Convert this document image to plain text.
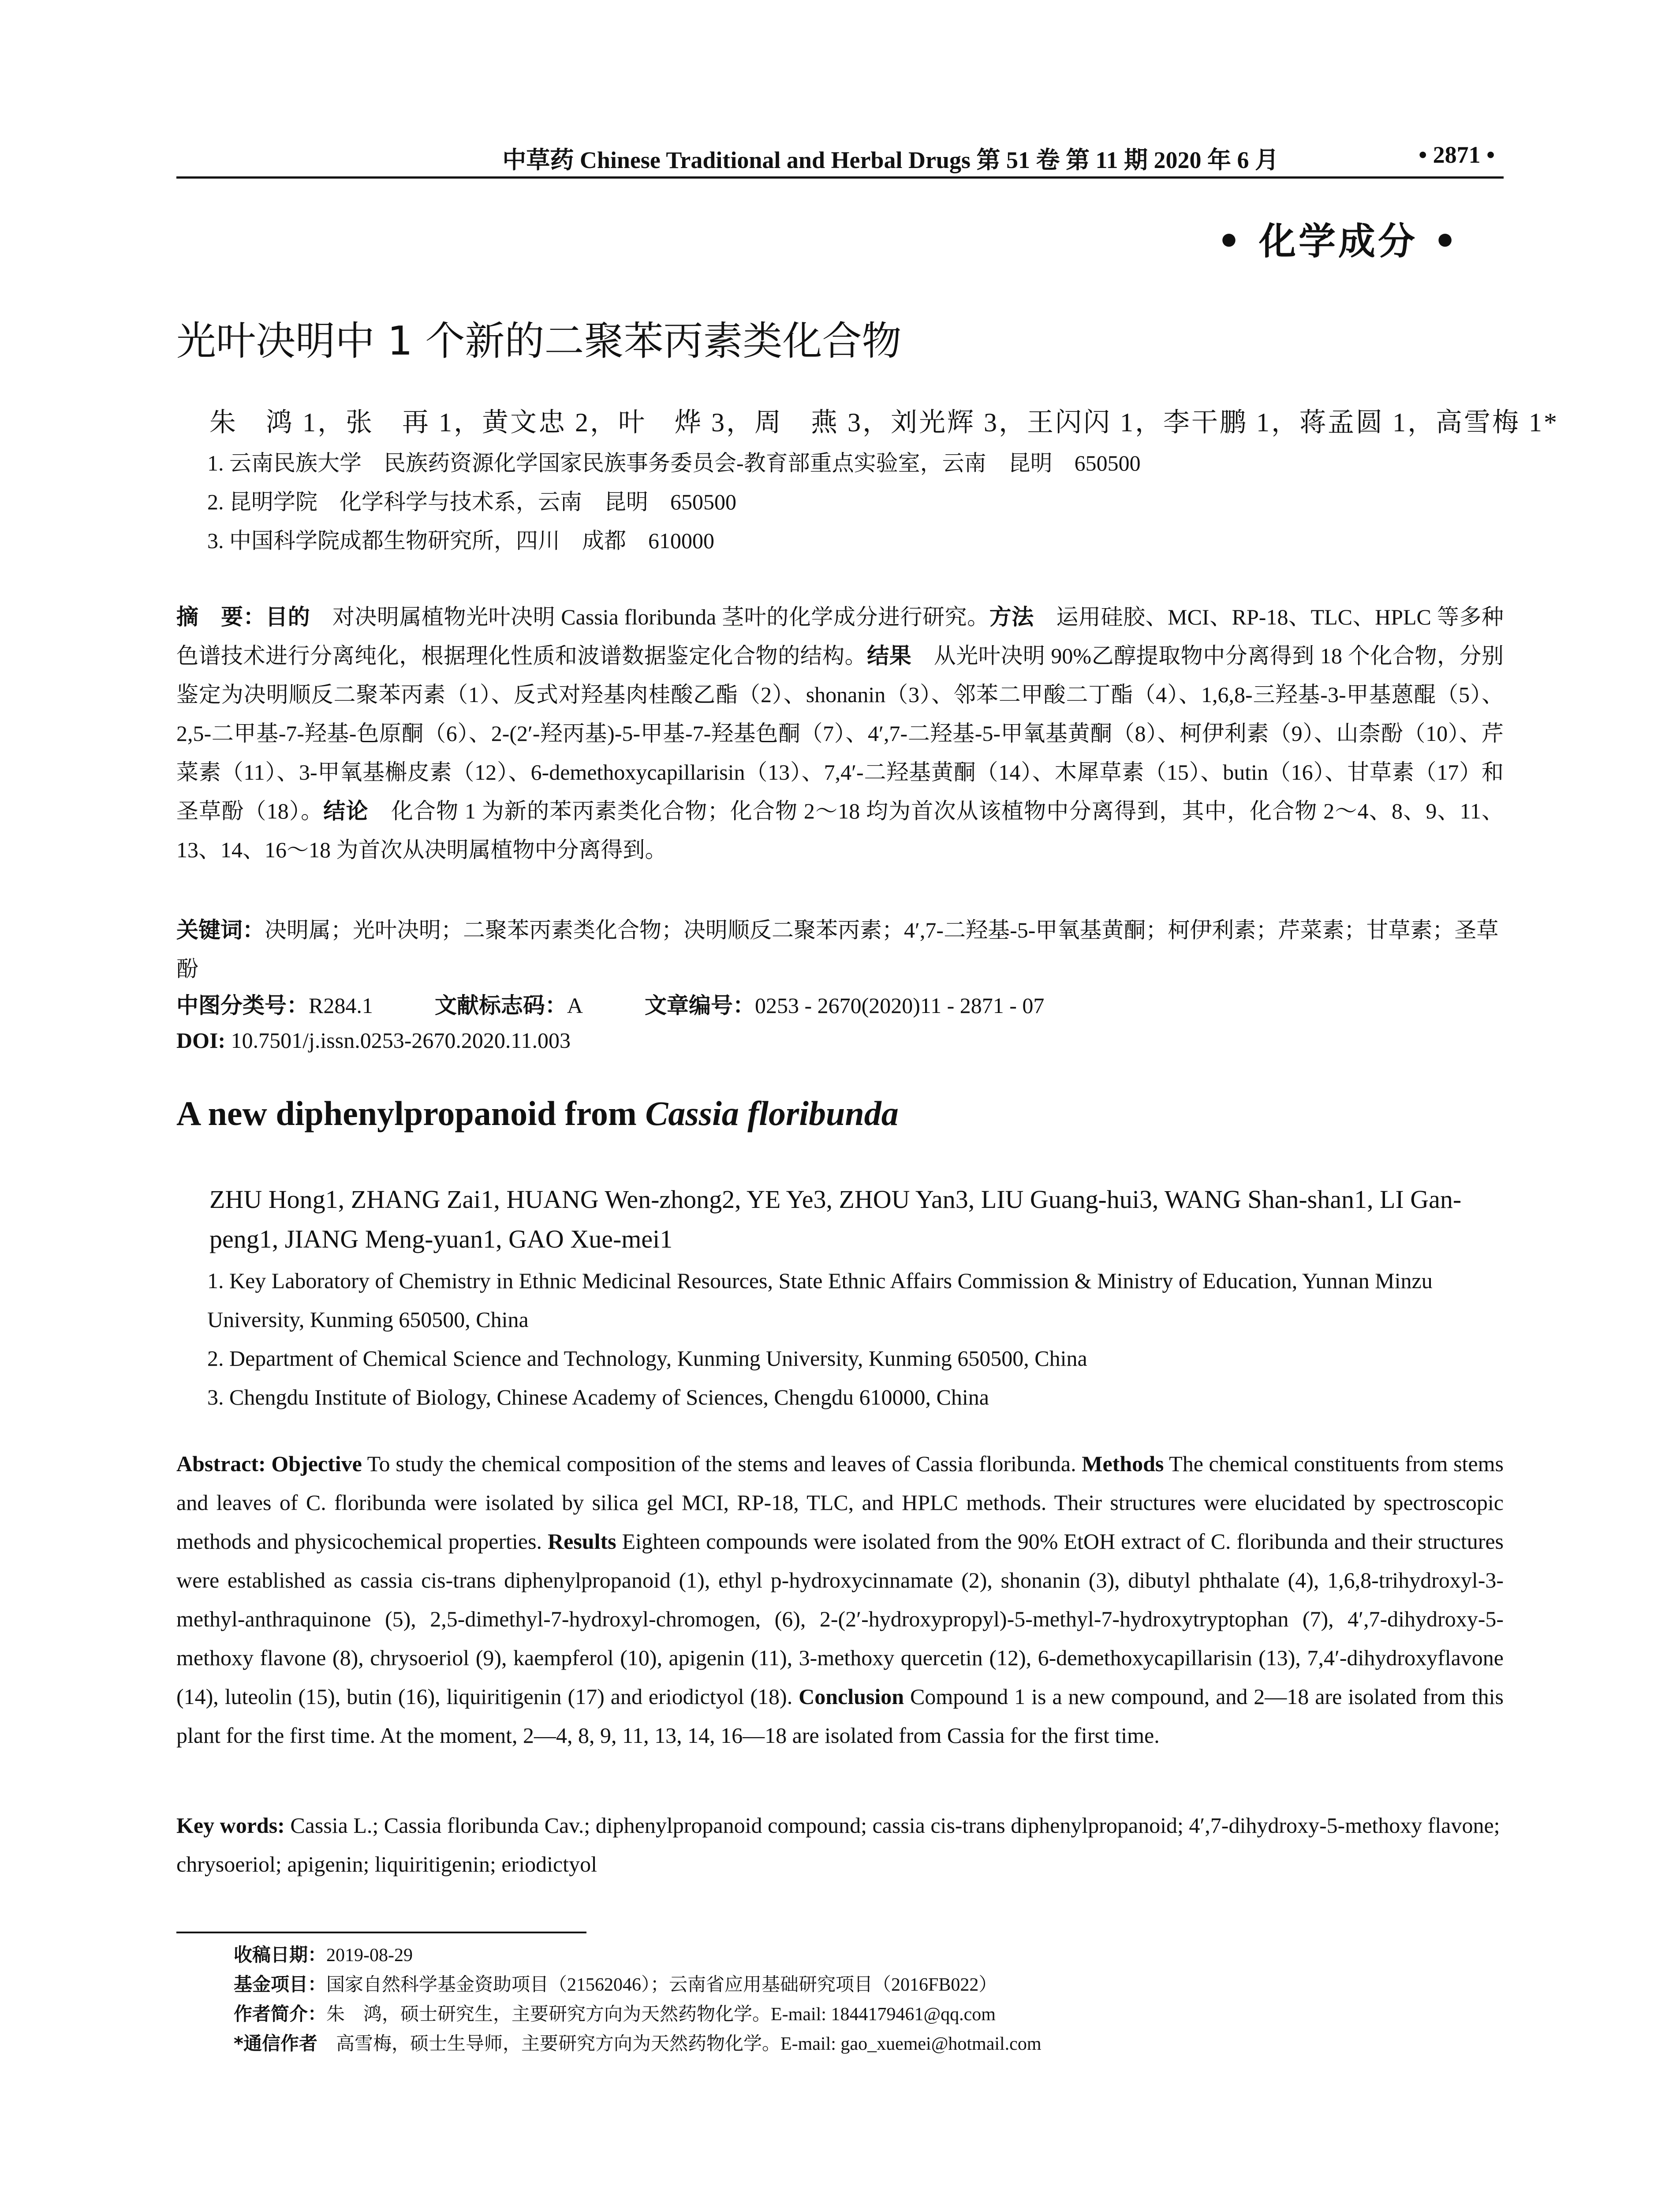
中草药 Chinese Traditional and Herbal Drugs 第 51 卷 第 11 期 2020 年 6 月	• 2871 •
• 化学成分 •
光叶决明中 1 个新的二聚苯丙素类化合物
朱　鸿 1，张　再 1，黄文忠 2，叶　烨 3，周　燕 3，刘光辉 3，王闪闪 1，李干鹏 1，蒋孟圆 1，高雪梅 1*
1. 云南民族大学　民族药资源化学国家民族事务委员会-教育部重点实验室，云南　昆明　650500
2. 昆明学院　化学科学与技术系，云南　昆明　650500
3. 中国科学院成都生物研究所，四川　成都　610000
摘　要：目的　对决明属植物光叶决明 Cassia floribunda 茎叶的化学成分进行研究。方法　运用硅胶、MCI、RP-18、TLC、HPLC 等多种色谱技术进行分离纯化，根据理化性质和波谱数据鉴定化合物的结构。结果　从光叶决明 90%乙醇提取物中分离得到 18 个化合物，分别鉴定为决明顺反二聚苯丙素（1）、反式对羟基肉桂酸乙酯（2）、shonanin（3）、邻苯二甲酸二丁酯（4）、1,6,8-三羟基-3-甲基蒽醌（5）、2,5-二甲基-7-羟基-色原酮（6）、2-(2′-羟丙基)-5-甲基-7-羟基色酮（7）、4′,7-二羟基-5-甲氧基黄酮（8）、柯伊利素（9）、山柰酚（10）、芹菜素（11）、3-甲氧基槲皮素（12）、6-demethoxycapillarisin（13）、7,4′-二羟基黄酮（14）、木犀草素（15）、butin（16）、甘草素（17）和圣草酚（18）。结论　化合物 1 为新的苯丙素类化合物；化合物 2～18 均为首次从该植物中分离得到，其中，化合物 2～4、8、9、11、13、14、16～18 为首次从决明属植物中分离得到。
关键词：决明属；光叶决明；二聚苯丙素类化合物；决明顺反二聚苯丙素；4′,7-二羟基-5-甲氧基黄酮；柯伊利素；芹菜素；甘草素；圣草酚
中图分类号：R284.1	文献标志码：A	文章编号：0253 - 2670(2020)11 - 2871 - 07
DOI: 10.7501/j.issn.0253-2670.2020.11.003
A new diphenylpropanoid from Cassia floribunda
ZHU Hong1, ZHANG Zai1, HUANG Wen-zhong2, YE Ye3, ZHOU Yan3, LIU Guang-hui3, WANG Shan-shan1, LI Gan-peng1, JIANG Meng-yuan1, GAO Xue-mei1
1. Key Laboratory of Chemistry in Ethnic Medicinal Resources, State Ethnic Affairs Commission & Ministry of Education, Yunnan Minzu University, Kunming 650500, China
2. Department of Chemical Science and Technology, Kunming University, Kunming 650500, China
3. Chengdu Institute of Biology, Chinese Academy of Sciences, Chengdu 610000, China
Abstract: Objective To study the chemical composition of the stems and leaves of Cassia floribunda. Methods The chemical constituents from stems and leaves of C. floribunda were isolated by silica gel MCI, RP-18, TLC, and HPLC methods. Their structures were elucidated by spectroscopic methods and physicochemical properties. Results Eighteen compounds were isolated from the 90% EtOH extract of C. floribunda and their structures were established as cassia cis-trans diphenylpropanoid (1), ethyl p-hydroxycinnamate (2), shonanin (3), dibutyl phthalate (4), 1,6,8-trihydroxyl-3-methyl-anthraquinone (5), 2,5-dimethyl-7-hydroxyl-chromogen, (6), 2-(2′-hydroxypropyl)-5-methyl-7-hydroxytryptophan (7), 4′,7-dihydroxy-5-methoxy flavone (8), chrysoeriol (9), kaempferol (10), apigenin (11), 3-methoxy quercetin (12), 6-demethoxycapillarisin (13), 7,4′-dihydroxyflavone (14), luteolin (15), butin (16), liquiritigenin (17) and eriodictyol (18). Conclusion Compound 1 is a new compound, and 2—18 are isolated from this plant for the first time. At the moment, 2—4, 8, 9, 11, 13, 14, 16—18 are isolated from Cassia for the first time.
Key words: Cassia L.; Cassia floribunda Cav.; diphenylpropanoid compound; cassia cis-trans diphenylpropanoid; 4′,7-dihydroxy-5-methoxy flavone; chrysoeriol; apigenin; liquiritigenin; eriodictyol
收稿日期：2019-08-29
基金项目：国家自然科学基金资助项目（21562046）；云南省应用基础研究项目（2016FB022）
作者简介：朱　鸿，硕士研究生，主要研究方向为天然药物化学。E-mail: 1844179461@qq.com
*通信作者　高雪梅，硕士生导师，主要研究方向为天然药物化学。E-mail: gao_xuemei@hotmail.com
